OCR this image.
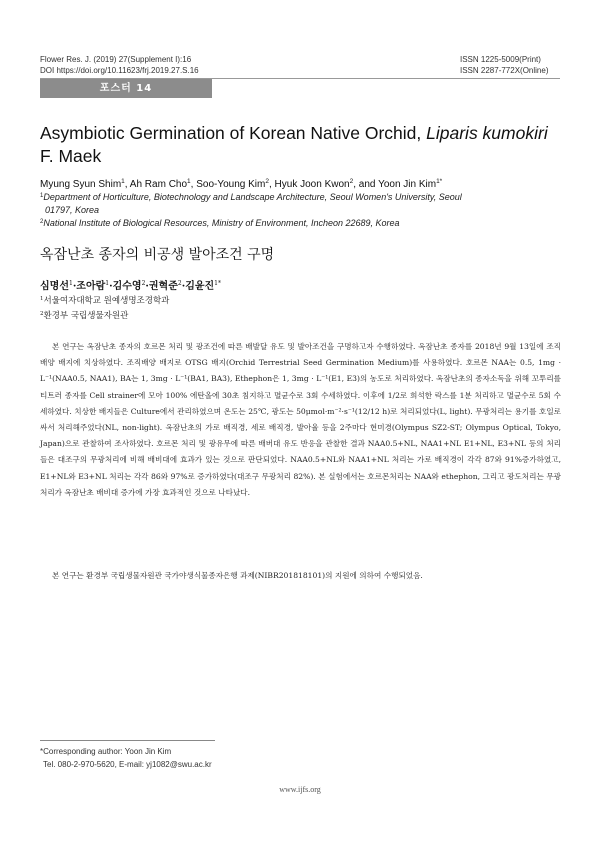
Flower Res. J. (2019) 27(Supplement I):16
DOI https://doi.org/10.11623/frj.2019.27.S.16
ISSN 1225-5009(Print)
ISSN 2287-772X(Online)
포스터 14
Asymbiotic Germination of Korean Native Orchid, Liparis kumokiri
F. Maek
Myung Syun Shim$^1$, Ah Ram Cho$^1$, Soo-Young Kim$^2$, Hyuk Joon Kwon$^2$, and Yoon Jin Kim$^{1*}$
$^1$Department of Horticulture, Biotechnology and Landscape Architecture, Seoul Women's University, Seoul
01797, Korea
$^2$National Institute of Biological Resources, Ministry of Environment, Incheon 22689, Korea
옥잠난초 종자의 비공생 발아조건 구명
심명선$^1$·조아람$^1$·김수영$^2$·권혁준$^2$·김윤진$^{1*}$
$^1$서울여자대학교 원예생명조경학과
$^2$환경부 국립생물자원관

본 연구는 옥잠난초 종자의 호르몬 처리 및 광조건에 따른 배발달 유도 및 발아조건을 구명하고자 수행하였다. 옥잠난초 종자를 2018년 9월 13일에 조직배양 배지에 치상하였다. 조직배양 배지로 OTSG 배지(Orchid Terrestrial Seed Germination Medium)를 사용하였다. 호르몬 NAA는 0.5, 1mg · L⁻¹(NAA0.5, NAA1), BA는 1, 3mg · L⁻¹(BA1, BA3), Ethephon은 1, 3mg · L⁻¹(E1, E3)의 농도로 처리하였다. 옥잠난초의 종자소독을 위해 꼬투리를 티트러 종자를 Cell strainer에 모아 100% 에탄올에 30초 침지하고 멸균수로 3회 수세하였다. 이후에 1/2로 희석한 락스를 1분 처리하고 멸균수로 5회 수세하였다. 치상한 배지들은 Culture에서 관리하였으며 온도는 25℃, 광도는 50μmol·m⁻²·s⁻¹(12/12 h)로 처리되었다(L, light). 무광처리는 용기를 호일로 싸서 처리해주었다(NL, non-light). 옥잠난초의 가로 배직경, 세로 배직경, 발아율 등을 2주마다 현미경(Olympus SZ2-ST; Olympus Optical, Tokyo, Japan)으로 관찰하여 조사하였다. 호르몬 처리 및 광유무에 따른 배버대 유도 반응을 관찰한 결과 NAA0.5+NL, NAA1+NL E1+NL, E3+NL 등의 처리들은 대조구의 무광처리에 비해 배비대에 효과가 있는 것으로 판단되었다. NAA0.5+NL와 NAA1+NL 처리는 가로 배직경이 각각 87와 91%증가하였고, E1+NL와 E3+NL 처리는 각각 86와 97%로 증가하였다(대조구 무광처리 82%). 본 실험에서는 호르몬처리는 NAA와 ethephon, 그리고 광도처리는 무광처리가 옥잠난초 배비대 증가에 가장 효과적인 것으로 나타났다.

본 연구는 환경부 국립생물자원관 국가야생식물종자은행 과제(NIBR201818101)의 지원에 의하여 수행되었음.

*Corresponding author: Yoon Jin Kim
Tel. 080-2-970-5620, E-mail: yj1082@swu.ac.kr
www.ijfs.org
